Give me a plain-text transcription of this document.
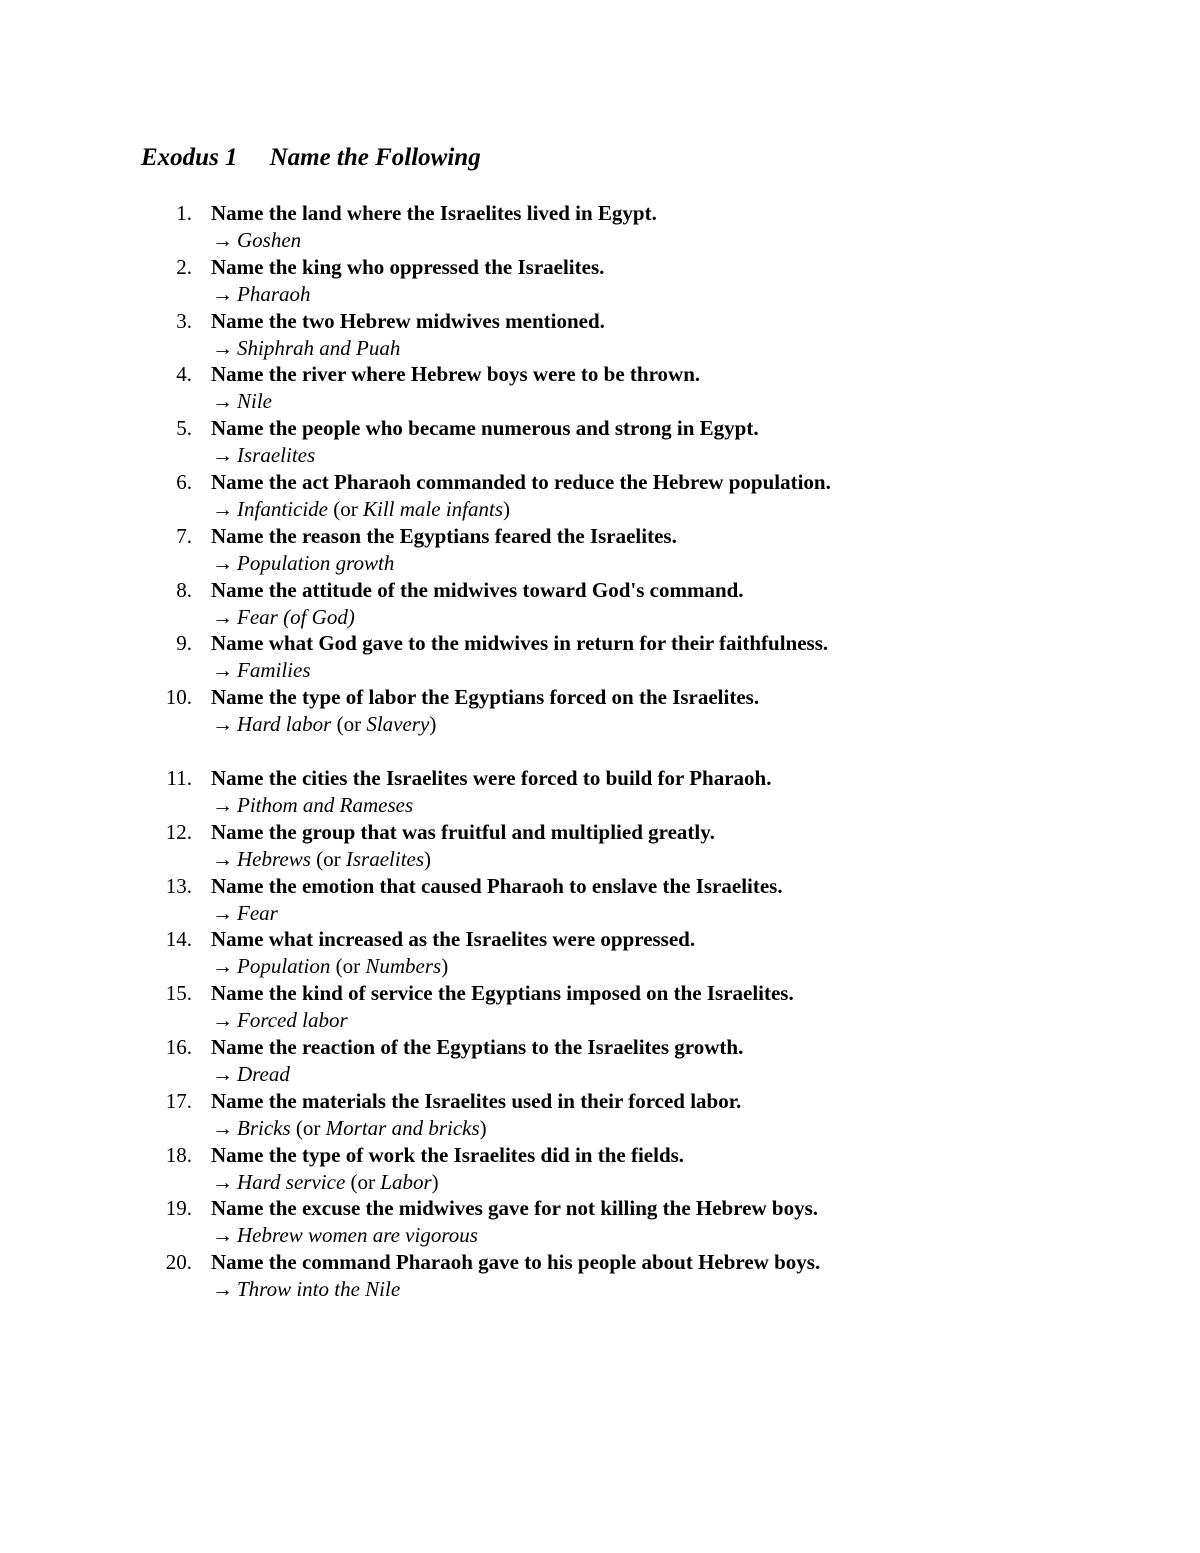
Exodus 1 Name the Following
1. Name the land where the Israelites lived in Egypt.
→ Goshen
2. Name the king who oppressed the Israelites.
→ Pharaoh
3. Name the two Hebrew midwives mentioned.
→ Shiphrah and Puah
4. Name the river where Hebrew boys were to be thrown.
→ Nile
5. Name the people who became numerous and strong in Egypt.
→ Israelites
6. Name the act Pharaoh commanded to reduce the Hebrew population.
→ Infanticide (or Kill male infants)
7. Name the reason the Egyptians feared the Israelites.
→ Population growth
8. Name the attitude of the midwives toward God's command.
→ Fear (of God)
9. Name what God gave to the midwives in return for their faithfulness.
→ Families
10. Name the type of labor the Egyptians forced on the Israelites.
→ Hard labor (or Slavery)
11. Name the cities the Israelites were forced to build for Pharaoh.
→ Pithom and Rameses
12. Name the group that was fruitful and multiplied greatly.
→ Hebrews (or Israelites)
13. Name the emotion that caused Pharaoh to enslave the Israelites.
→ Fear
14. Name what increased as the Israelites were oppressed.
→ Population (or Numbers)
15. Name the kind of service the Egyptians imposed on the Israelites.
→ Forced labor
16. Name the reaction of the Egyptians to the Israelites growth.
→ Dread
17. Name the materials the Israelites used in their forced labor.
→ Bricks (or Mortar and bricks)
18. Name the type of work the Israelites did in the fields.
→ Hard service (or Labor)
19. Name the excuse the midwives gave for not killing the Hebrew boys.
→ Hebrew women are vigorous
20. Name the command Pharaoh gave to his people about Hebrew boys.
→ Throw into the Nile
